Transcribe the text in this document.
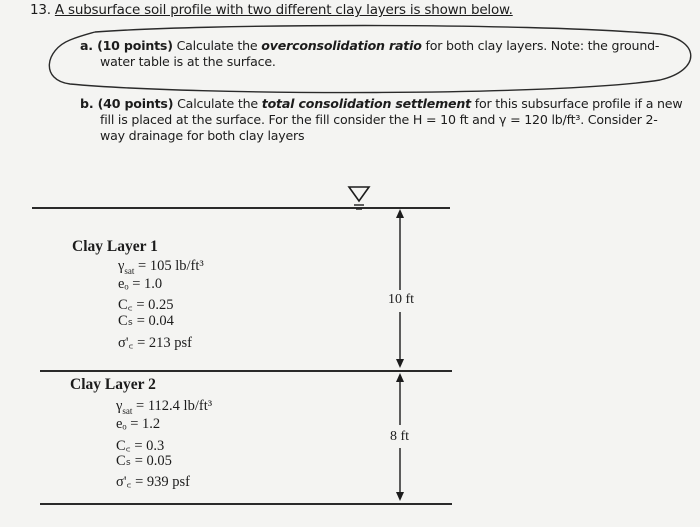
13. A subsurface soil profile with two different clay layers is shown below.
a. (10 points) Calculate the overconsolidation ratio for both clay layers. Note: the ground-
water table is at the surface.
b. (40 points) Calculate the total consolidation settlement for this subsurface profile if a new
fill is placed at the surface. For the fill consider the H = 10 ft and γ = 120 lb/ft³. Consider 2-
way drainage for both clay layers
10 ft
8 ft
Clay Layer 1
$\gamma_{sat} = 105$ lb/ft³
eₒ = 1.0
C꜀ = 0.25
Cₛ = 0.04
σ'꜀ = 213 psf
Clay Layer 2
$\gamma_{sat} = 112.4$ lb/ft³
eₒ = 1.2
C꜀ = 0.3
Cₛ = 0.05
σ'꜀ = 939 psf
